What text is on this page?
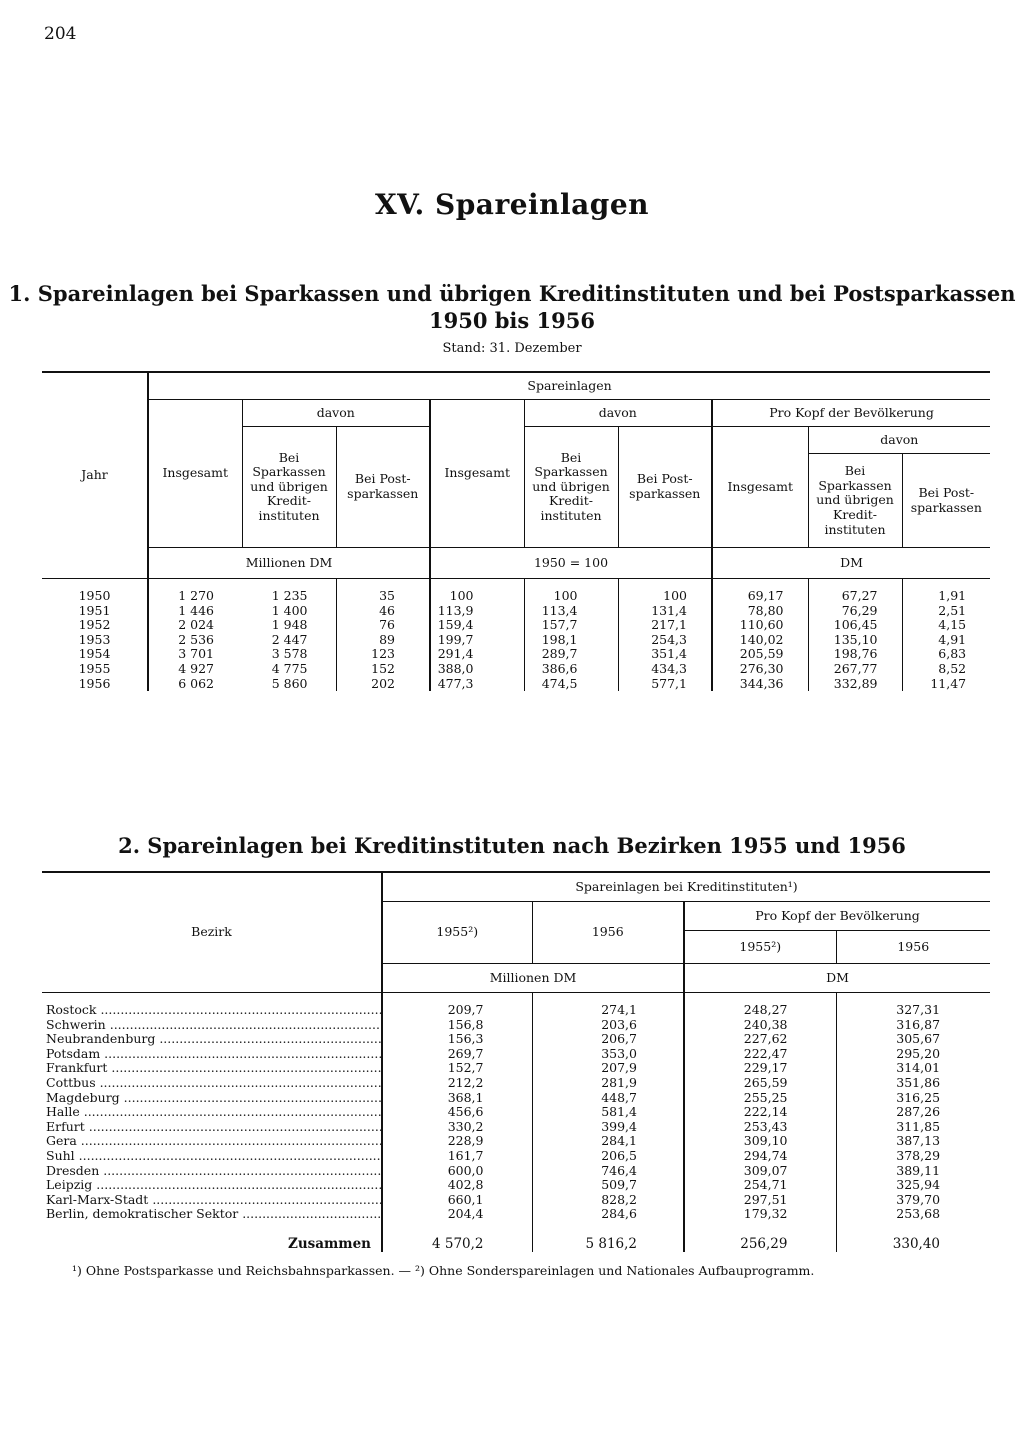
204
XV. Spareinlagen
1. Spareinlagen bei Sparkassen und übrigen Kreditinstituten und bei Postsparkassen
1950 bis 1956
Stand: 31. Dezember
Jahr	Spareinlagen								
	Insgesamt	davon		Insgesamt	davon		Pro Kopf der Bevölkerung		
		Bei Sparkassen und übrigen Kredit- instituten	Bei Post- sparkassen		Bei Sparkassen und übrigen Kredit- instituten	Bei Post- sparkassen	Insgesamt	davon	
								Bei Sparkassen und übrigen Kredit- instituten	Bei Post- sparkassen
	Millionen DM			1950 = 100			DM		

1950	1 270	1 235	35	100	100	100	69,17	67,27	1,91
1951	1 446	1 400	46	113,9	113,4	131,4	78,80	76,29	2,51
1952	2 024	1 948	76	159,4	157,7	217,1	110,60	106,45	4,15
1953	2 536	2 447	89	199,7	198,1	254,3	140,02	135,10	4,91
1954	3 701	3 578	123	291,4	289,7	351,4	205,59	198,76	6,83
1955	4 927	4 775	152	388,0	386,6	434,3	276,30	267,77	8,52
1956	6 062	5 860	202	477,3	474,5	577,1	344,36	332,89	11,47
2. Spareinlagen bei Kreditinstituten nach Bezirken 1955 und 1956
Bezirk	Spareinlagen bei Kreditinstituten¹)			
	1955²)	1956	Pro Kopf der Bevölkerung	
			1955²)	1956
	Millionen DM		DM	

Rostock .....	209,7	274,1	248,27	327,31
Schwerin .....	156,8	203,6	240,38	316,87
Neubrandenburg .....	156,3	206,7	227,62	305,67
Potsdam .....	269,7	353,0	222,47	295,20
Frankfurt .....	152,7	207,9	229,17	314,01
Cottbus .....	212,2	281,9	265,59	351,86
Magdeburg .....	368,1	448,7	255,25	316,25
Halle .....	456,6	581,4	222,14	287,26
Erfurt .....	330,2	399,4	253,43	311,85
Gera .....	228,9	284,1	309,10	387,13
Suhl .....	161,7	206,5	294,74	378,29
Dresden .....	600,0	746,4	309,07	389,11
Leipzig .....	402,8	509,7	254,71	325,94
Karl-Marx-Stadt .....	660,1	828,2	297,51	379,70
Berlin, demokratischer Sektor .....	204,4	284,6	179,32	253,68
Zusammen	4 570,2	5 816,2	256,29	330,40
¹) Ohne Postsparkasse und Reichsbahnsparkassen. — ²) Ohne Sonderspareinlagen und Nationales Aufbauprogramm.
